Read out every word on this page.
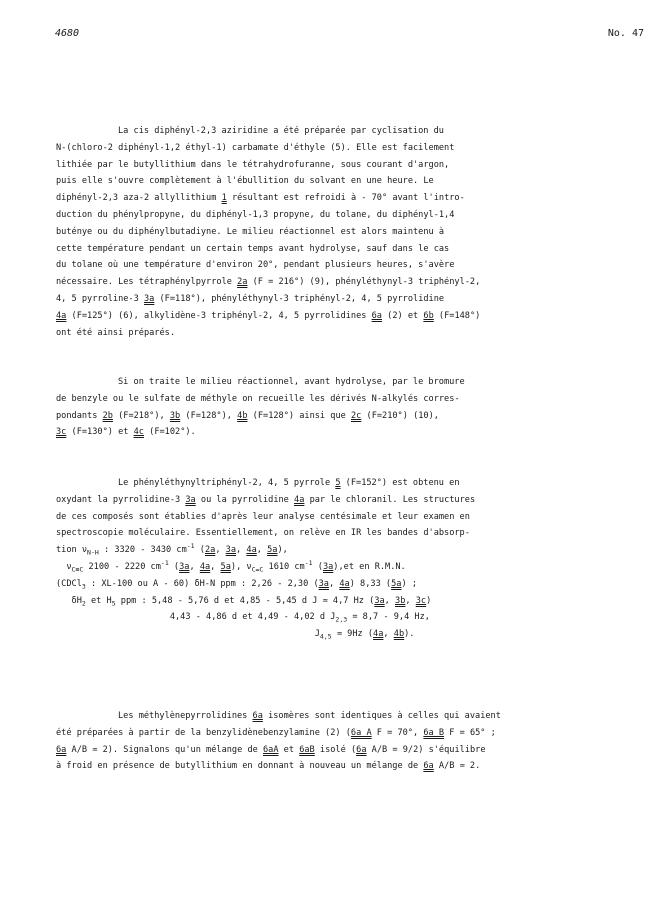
4680	No. 47
La cis diphényl-2,3 aziridine a été préparée par cyclisation du
N-(chloro-2 diphényl-1,2 éthyl-1) carbamate d'éthyle (5). Elle est facilement
lithiée par le butyllithium dans le tétrahydrofuranne, sous courant d'argon,
puis elle s'ouvre complètement à l'ébullition du solvant en une heure. Le
diphényl-2,3 aza-2 allyllithium 1 résultant est refroidi à - 70° avant l'intro-
duction du phénylpropyne, du diphényl-1,3 propyne, du tolane, du diphényl-1,4
buténye ou du diphénylbutadiyne. Le milieu réactionnel est alors maintenu à
cette température pendant un certain temps avant hydrolyse, sauf dans le cas
du tolane où une température d'environ 20°, pendant plusieurs heures, s'avère
nécessaire. Les tétraphénylpyrrole 2a (F = 216°) (9), phényléthynyl-3 triphényl-2,
4, 5 pyrroline-3 3a (F=118°), phényléthynyl-3 triphényl-2, 4, 5 pyrrolidine
4a (F=125°) (6), alkylidène-3 triphényl-2, 4, 5 pyrrolidines 6a (2) et 6b (F=148°)
ont été ainsi préparés.
Si on traite le milieu réactionnel, avant hydrolyse, par le bromure
de benzyle ou le sulfate de méthyle on recueille les dérivés N-alkylés corres-
pondants 2b (F=218°), 3b (F=128°), 4b (F=128°) ainsi que 2c (F=210°) (10),
3c (F=130°) et 4c (F=102°).
Le phényléthynyltriphényl-2, 4, 5 pyrrole 5 (F=152°) est obtenu en
oxydant la pyrrolidine-3 3a ou la pyrrolidine 4a par le chloranil. Les structures
de ces composés sont établies d'après leur analyse centésimale et leur examen en
spectroscopie moléculaire. Essentiellement, on relève en IR les bandes d'absorp-
tion $\nu_{N-H}$ : 3320 - 3430 $cm^{-1}$ (2a, 3a, 4a, 5a),
$\nu_{C\equiv C}$ 2100 - 2220 $cm^{-1}$ (3a, 4a, 5a), $\nu_{C=C}$ 1610 $cm^{-1}$ (3a),et en R.M.N.
(CDCl$_3$ : XL-100 ou A - 60) δH-N ppm : 2,26 - 2,30 (3a, 4a) 8,33 (5a) ;
$\delta H_2$ et $H_5$ ppm : 5,48 - 5,76 d et 4,85 - 5,45 d J ≃ 4,7 Hz (3a, 3b, 3c)
4,43 - 4,86 d et 4,49 - 4,02 d $J_{2,3} = 8,7 - 9,4$ Hz,
$J_{4,5}$ ≃ 9Hz (4a, 4b).
Les méthylènepyrrolidines 6a isomères sont identiques à celles qui avaient
été préparées à partir de la benzylidènebenzylamine (2) (6a A F = 70°, 6a B F = 65° ;
6a A/B ≃ 2). Signalons qu'un mélange de 6aA et 6aB isolé (6a A/B = 9/2) s'équilibre
à froid en présence de butyllithium en donnant à nouveau un mélange de 6a A/B ≃ 2.
